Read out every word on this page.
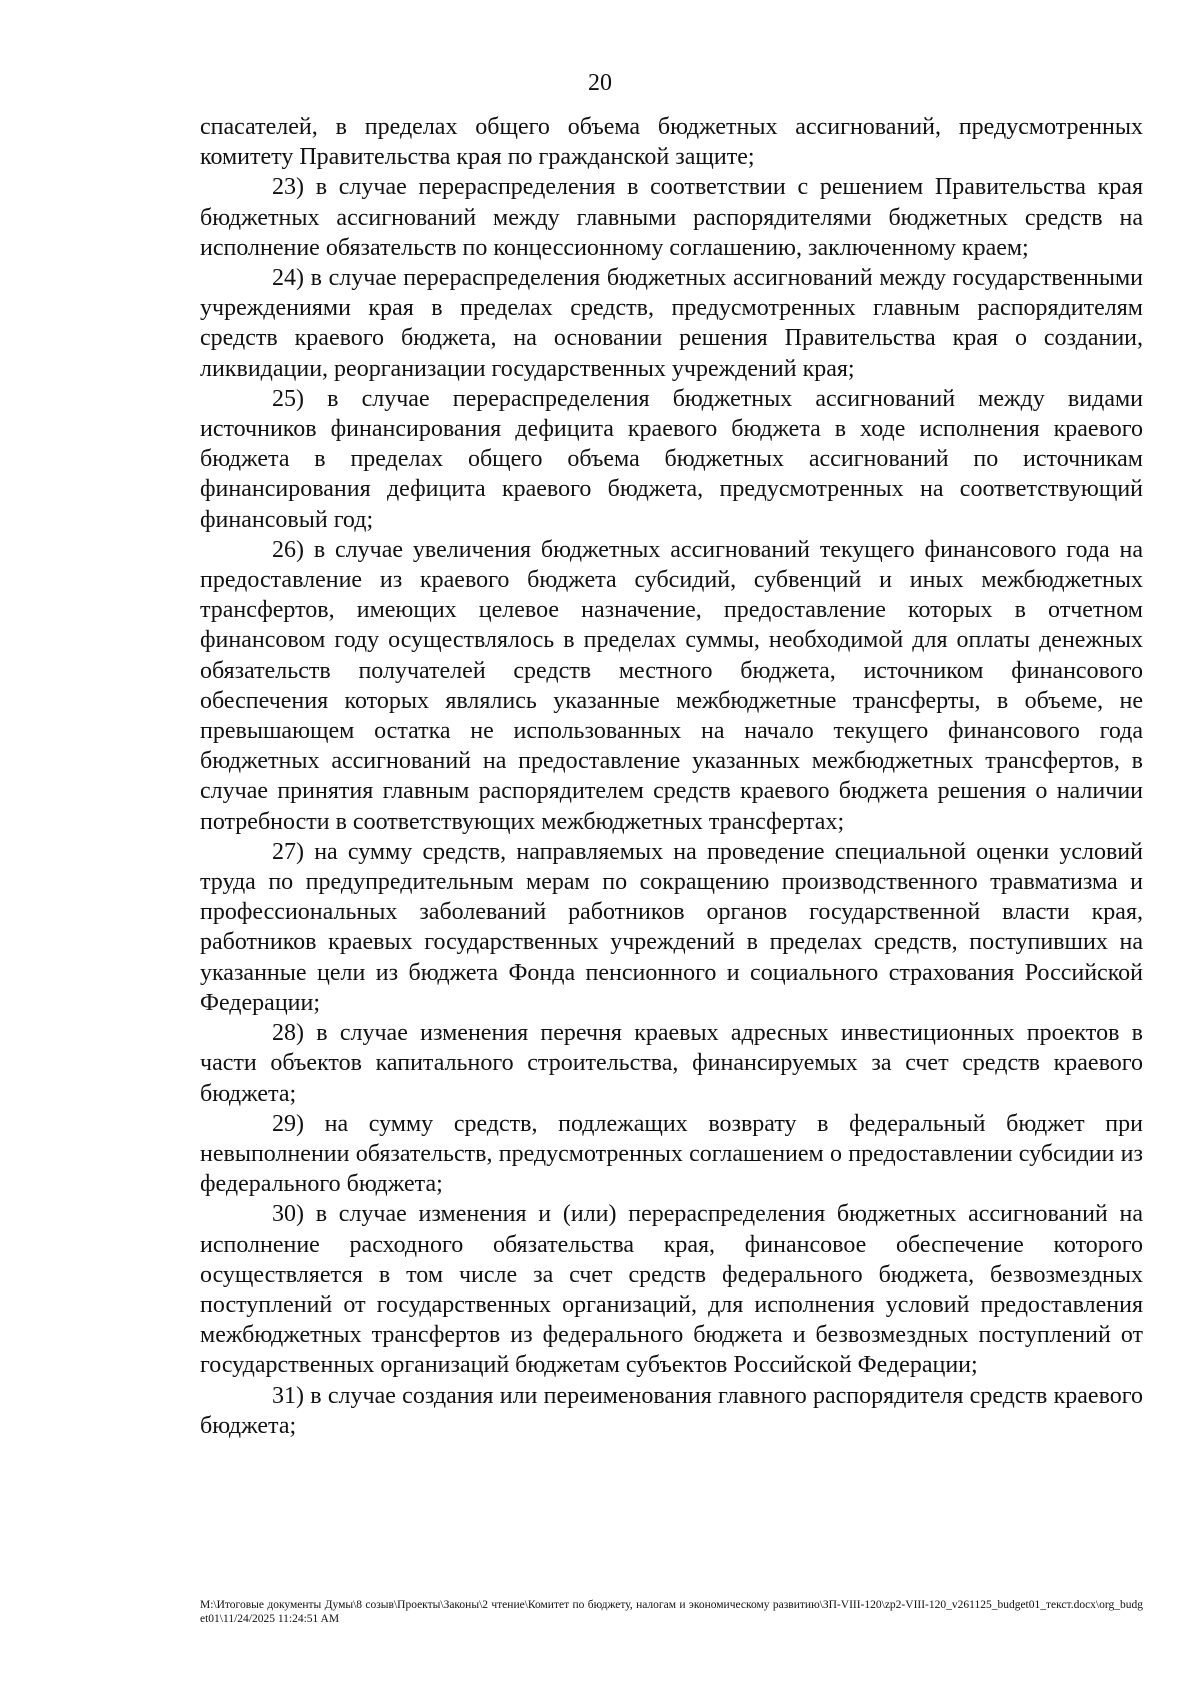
20

спасателей, в пределах общего объема бюджетных ассигнований, предусмотренных комитету Правительства края по гражданской защите;

23) в случае перераспределения в соответствии с решением Правительства края бюджетных ассигнований между главными распорядителями бюджетных средств на исполнение обязательств по концессионному соглашению, заключенному краем;

24) в случае перераспределения бюджетных ассигнований между государственными учреждениями края в пределах средств, предусмотренных главным распорядителям средств краевого бюджета, на основании решения Правительства края о создании, ликвидации, реорганизации государственных учреждений края;

25) в случае перераспределения бюджетных ассигнований между видами источников финансирования дефицита краевого бюджета в ходе исполнения краевого бюджета в пределах общего объема бюджетных ассигнований по источникам финансирования дефицита краевого бюджета, предусмотренных на соответствующий финансовый год;

26) в случае увеличения бюджетных ассигнований текущего финансового года на предоставление из краевого бюджета субсидий, субвенций и иных межбюджетных трансфертов, имеющих целевое назначение, предоставление которых в отчетном финансовом году осуществлялось в пределах суммы, необходимой для оплаты денежных обязательств получателей средств местного бюджета, источником финансового обеспечения которых являлись указанные межбюджетные трансферты, в объеме, не превышающем остатка не использованных на начало текущего финансового года бюджетных ассигнований на предоставление указанных межбюджетных трансфертов, в случае принятия главным распорядителем средств краевого бюджета решения о наличии потребности в соответствующих межбюджетных трансфертах;

27) на сумму средств, направляемых на проведение специальной оценки условий труда по предупредительным мерам по сокращению производственного травматизма и профессиональных заболеваний работников органов государственной власти края, работников краевых государственных учреждений в пределах средств, поступивших на указанные цели из бюджета Фонда пенсионного и социального страхования Российской Федерации;

28) в случае изменения перечня краевых адресных инвестиционных проектов в части объектов капитального строительства, финансируемых за счет средств краевого бюджета;

29) на сумму средств, подлежащих возврату в федеральный бюджет при невыполнении обязательств, предусмотренных соглашением о предоставлении субсидии из федерального бюджета;

30) в случае изменения и (или) перераспределения бюджетных ассигнований на исполнение расходного обязательства края, финансовое обеспечение которого осуществляется в том числе за счет средств федерального бюджета, безвозмездных поступлений от государственных организаций, для исполнения условий предоставления межбюджетных трансфертов из федерального бюджета и безвозмездных поступлений от государственных организаций бюджетам субъектов Российской Федерации;

31) в случае создания или переименования главного распорядителя средств краевого бюджета;

M:\Итоговые документы Думы\8 созыв\Проекты\Законы\2 чтение\Комитет по бюджету, налогам и экономическому развитию\ЗП-VIII-120\zp2-VIII-120_v261125_budget01_текст.docx\org_budget01\11/24/2025 11:24:51 AM
